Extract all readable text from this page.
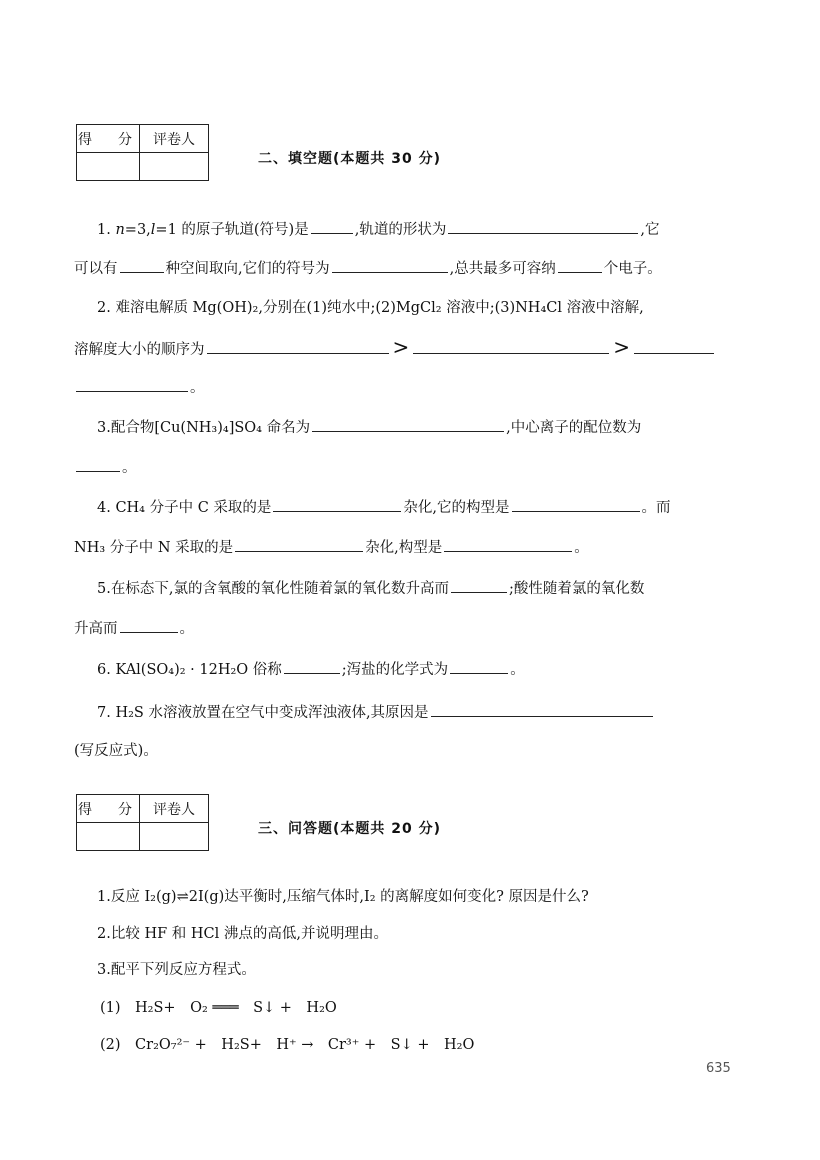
得　分	评卷人

二、填空题(本题共 30 分)
1. n=3,l=1 的原子轨道(符号)是	,轨道的形状为	,它
可以有	种空间取向,它们的符号为	,总共最多可容纳	个电子。
2. 难溶电解质 Mg(OH)₂,分别在(1)纯水中;(2)MgCl₂ 溶液中;(3)NH₄Cl 溶液中溶解,
溶解度大小的顺序为	>	>
。
3.配合物[Cu(NH₃)₄]SO₄ 命名为	,中心离子的配位数为
。
4. CH₄ 分子中 C 采取的是	杂化,它的构型是	。而
NH₃ 分子中 N 采取的是	杂化,构型是	。
5.在标态下,氯的含氧酸的氧化性随着氯的氧化数升高而	;酸性随着氯的氧化数
升高而	。
6. KAl(SO₄)₂ · 12H₂O 俗称	;泻盐的化学式为	。
7. H₂S 水溶液放置在空气中变成浑浊液体,其原因是
(写反应式)。
得　分	评卷人

三、问答题(本题共 20 分)
1.反应 I₂(g)⇌2I(g)达平衡时,压缩气体时,I₂ 的离解度如何变化? 原因是什么?
2.比较 HF 和 HCl 沸点的高低,并说明理由。
3.配平下列反应方程式。
(1)　H₂S+　O₂ ═══　S↓ +　H₂O
(2)　Cr₂O₇²⁻ +　H₂S+　H⁺ →　Cr³⁺ +　S↓ +　H₂O
635
